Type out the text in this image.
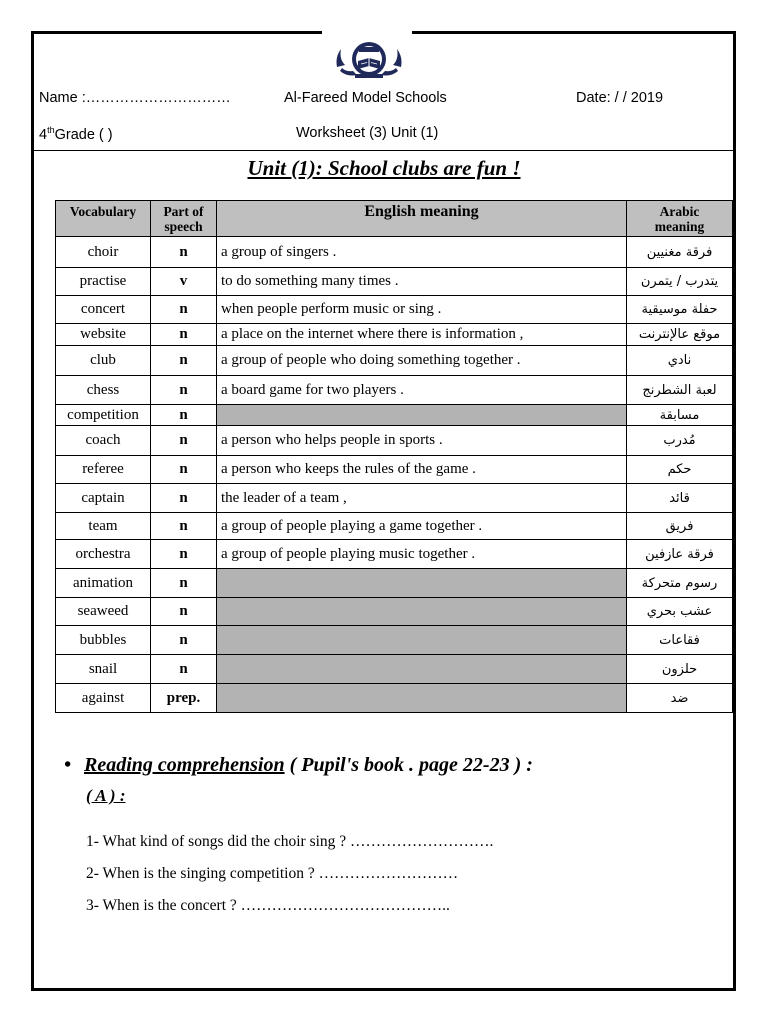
Name :…………………………	Al-Fareed Model Schools	Date: / / 2019
4thGrade ( )	Worksheet (3) Unit (1)
Unit (1): School clubs are fun !
Vocabulary	Part of
speech	English meaning	Arabic
meaning
choir	n	a group of singers .	فرقة مغنيين
practise	v	to do something many times .	يتدرب / يتمرن
concert	n	when people perform music or sing .	حفلة موسيقية
website	n	a place on the internet where there is information ,	موقع عالإنترنت
club	n	a group of people who doing something together .	نادي
chess	n	a board game for two players .	لعبة الشطرنج
competition	n		مسابقة
coach	n	a person who helps people in sports .	مُدرب
referee	n	a person who keeps the rules of the game .	حكم
captain	n	the leader of a team ,	قائد
team	n	a group of people playing a game together .	فريق
orchestra	n	a group of people playing music together .	فرقة عازفين
animation	n		رسوم متحركة
seaweed	n		عشب بحري
bubbles	n		فقاعات
snail	n		حلزون
against	prep.		ضد
• Reading comprehension ( Pupil's book . page 22-23 ) :
( A ) :
1- What kind of songs did the choir sing ? ……………………….
2- When is the singing competition ? ………………………
3- When is the concert ? …………………………………..
